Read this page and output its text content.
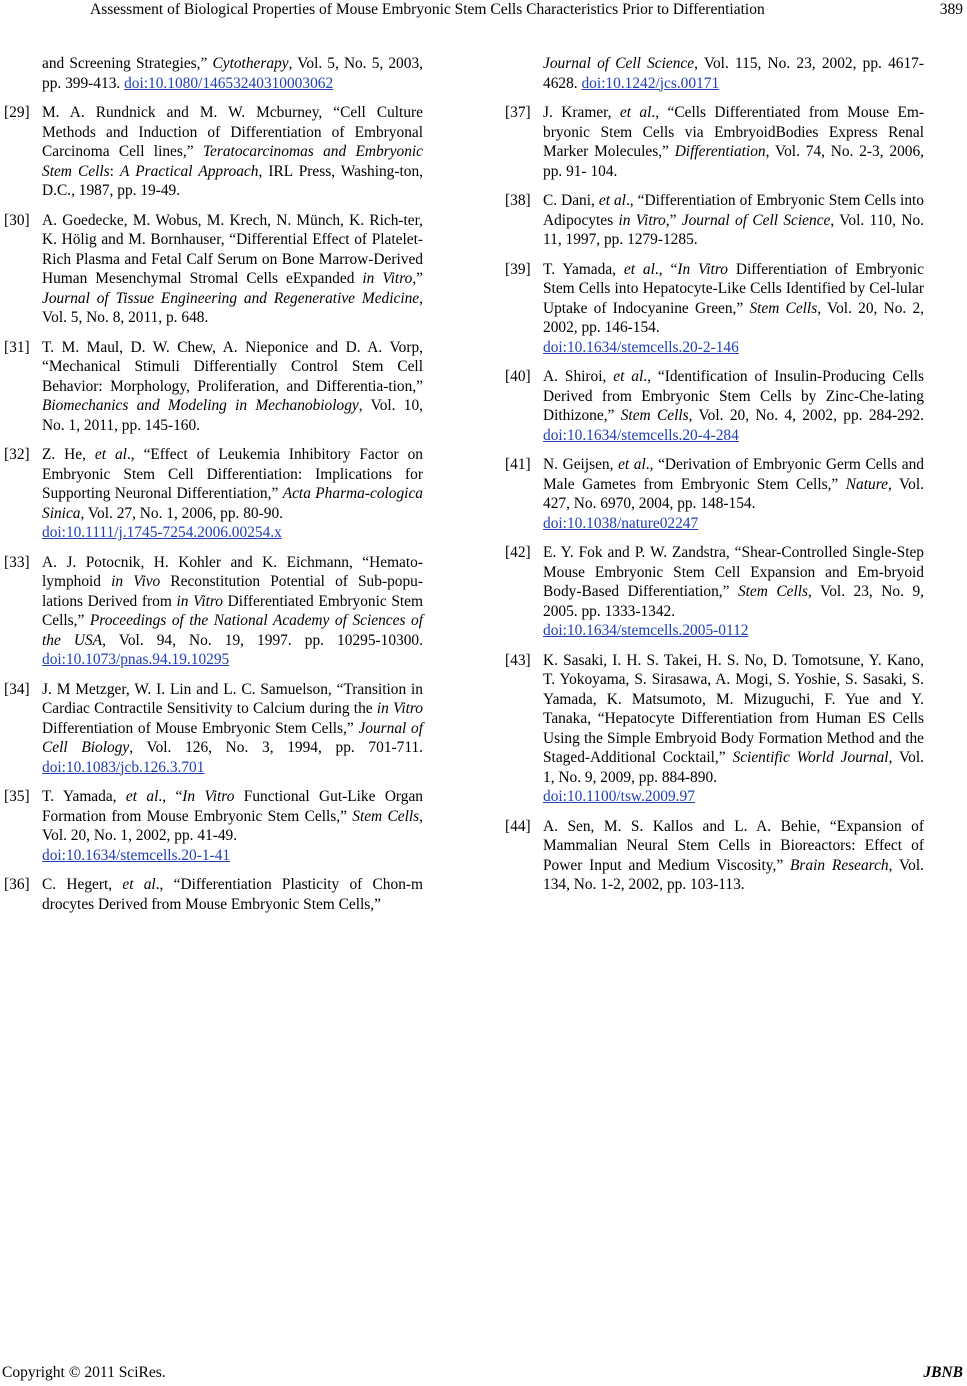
Assessment of Biological Properties of Mouse Embryonic Stem Cells Characteristics Prior to Differentiation	389
and Screening Strategies,” Cytotherapy, Vol. 5, No. 5, 2003, pp. 399-413. doi:10.1080/14653240310003062
[29] M. A. Rundnick and M. W. Mcburney, “Cell Culture Methods and Induction of Differentiation of Embryonal Carcinoma Cell lines,” Teratocarcinomas and Embryonic Stem Cells: A Practical Approach, IRL Press, Washing-ton, D.C., 1987, pp. 19-49.
[30] A. Goedecke, M. Wobus, M. Krech, N. Münch, K. Rich-ter, K. Hölig and M. Bornhauser, “Differential Effect of Platelet-Rich Plasma and Fetal Calf Serum on Bone Marrow-Derived Human Mesenchymal Stromal Cells eExpanded in Vitro,” Journal of Tissue Engineering and Regenerative Medicine, Vol. 5, No. 8, 2011, p. 648.
[31] T. M. Maul, D. W. Chew, A. Nieponice and D. A. Vorp, “Mechanical Stimuli Differentially Control Stem Cell Behavior: Morphology, Proliferation, and Differentia-tion,” Biomechanics and Modeling in Mechanobiology, Vol. 10, No. 1, 2011, pp. 145-160.
[32] Z. He, et al., “Effect of Leukemia Inhibitory Factor on Embryonic Stem Cell Differentiation: Implications for Supporting Neuronal Differentiation,” Acta Pharma-cologica Sinica, Vol. 27, No. 1, 2006, pp. 80-90.
doi:10.1111/j.1745-7254.2006.00254.x
[33] A. J. Potocnik, H. Kohler and K. Eichmann, “Hemato-lymphoid in Vivo Reconstitution Potential of Sub-popu-lations Derived from in Vitro Differentiated Embryonic Stem Cells,” Proceedings of the National Academy of Sciences of the USA, Vol. 94, No. 19, 1997. pp. 10295-10300. doi:10.1073/pnas.94.19.10295
[34] J. M Metzger, W. I. Lin and L. C. Samuelson, “Transition in Cardiac Contractile Sensitivity to Calcium during the in Vitro Differentiation of Mouse Embryonic Stem Cells,” Journal of Cell Biology, Vol. 126, No. 3, 1994, pp. 701-711. doi:10.1083/jcb.126.3.701
[35] T. Yamada, et al., “In Vitro Functional Gut-Like Organ Formation from Mouse Embryonic Stem Cells,” Stem Cells, Vol. 20, No. 1, 2002, pp. 41-49.
doi:10.1634/stemcells.20-1-41
[36] C. Hegert, et al., “Differentiation Plasticity of Chon-m drocytes Derived from Mouse Embryonic Stem Cells,”
Journal of Cell Science, Vol. 115, No. 23, 2002, pp. 4617-4628. doi:10.1242/jcs.00171
[37] J. Kramer, et al., “Cells Differentiated from Mouse Em-bryonic Stem Cells via EmbryoidBodies Express Renal Marker Molecules,” Differentiation, Vol. 74, No. 2-3, 2006, pp. 91- 104.
[38] C. Dani, et al., “Differentiation of Embryonic Stem Cells into Adipocytes in Vitro,” Journal of Cell Science, Vol. 110, No. 11, 1997, pp. 1279-1285.
[39] T. Yamada, et al., “In Vitro Differentiation of Embryonic Stem Cells into Hepatocyte-Like Cells Identified by Cel-lular Uptake of Indocyanine Green,” Stem Cells, Vol. 20, No. 2, 2002, pp. 146-154.
doi:10.1634/stemcells.20-2-146
[40] A. Shiroi, et al., “Identification of Insulin-Producing Cells Derived from Embryonic Stem Cells by Zinc-Che-lating Dithizone,” Stem Cells, Vol. 20, No. 4, 2002, pp. 284-292. doi:10.1634/stemcells.20-4-284
[41] N. Geijsen, et al., “Derivation of Embryonic Germ Cells and Male Gametes from Embryonic Stem Cells,” Nature, Vol. 427, No. 6970, 2004, pp. 148-154.
doi:10.1038/nature02247
[42] E. Y. Fok and P. W. Zandstra, “Shear-Controlled Single-Step Mouse Embryonic Stem Cell Expansion and Em-bryoid Body-Based Differentiation,” Stem Cells, Vol. 23, No. 9, 2005. pp. 1333-1342.
doi:10.1634/stemcells.2005-0112
[43] K. Sasaki, I. H. S. Takei, H. S. No, D. Tomotsune, Y. Kano, T. Yokoyama, S. Sirasawa, A. Mogi, S. Yoshie, S. Sasaki, S. Yamada, K. Matsumoto, M. Mizuguchi, F. Yue and Y. Tanaka, “Hepatocyte Differentiation from Human ES Cells Using the Simple Embryoid Body Formation Method and the Staged-Additional Cocktail,” Scientific World Journal, Vol. 1, No. 9, 2009, pp. 884-890.
doi:10.1100/tsw.2009.97
[44] A. Sen, M. S. Kallos and L. A. Behie, “Expansion of Mammalian Neural Stem Cells in Bioreactors: Effect of Power Input and Medium Viscosity,” Brain Research, Vol. 134, No. 1-2, 2002, pp. 103-113.
Copyright © 2011 SciRes.	JBNB
